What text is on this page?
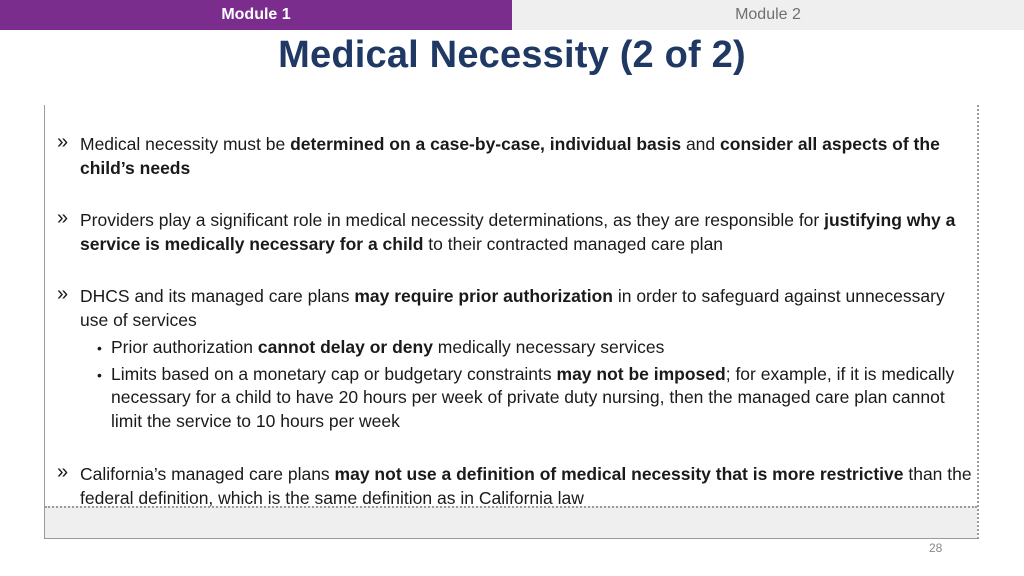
Module 1	Module 2
Medical Necessity (2 of 2)

» Medical necessity must be determined on a case-by-case, individual basis and consider all aspects of the child’s needs

» Providers play a significant role in medical necessity determinations, as they are responsible for justifying why a service is medically necessary for a child to their contracted managed care plan

» DHCS and its managed care plans may require prior authorization in order to safeguard against unnecessary use of services

• Prior authorization cannot delay or deny medically necessary services

• Limits based on a monetary cap or budgetary constraints may not be imposed; for example, if it is medically necessary for a child to have 20 hours per week of private duty nursing, then the managed care plan cannot limit the service to 10 hours per week

» California’s managed care plans may not use a definition of medical necessity that is more restrictive than the federal definition, which is the same definition as in California law

28
